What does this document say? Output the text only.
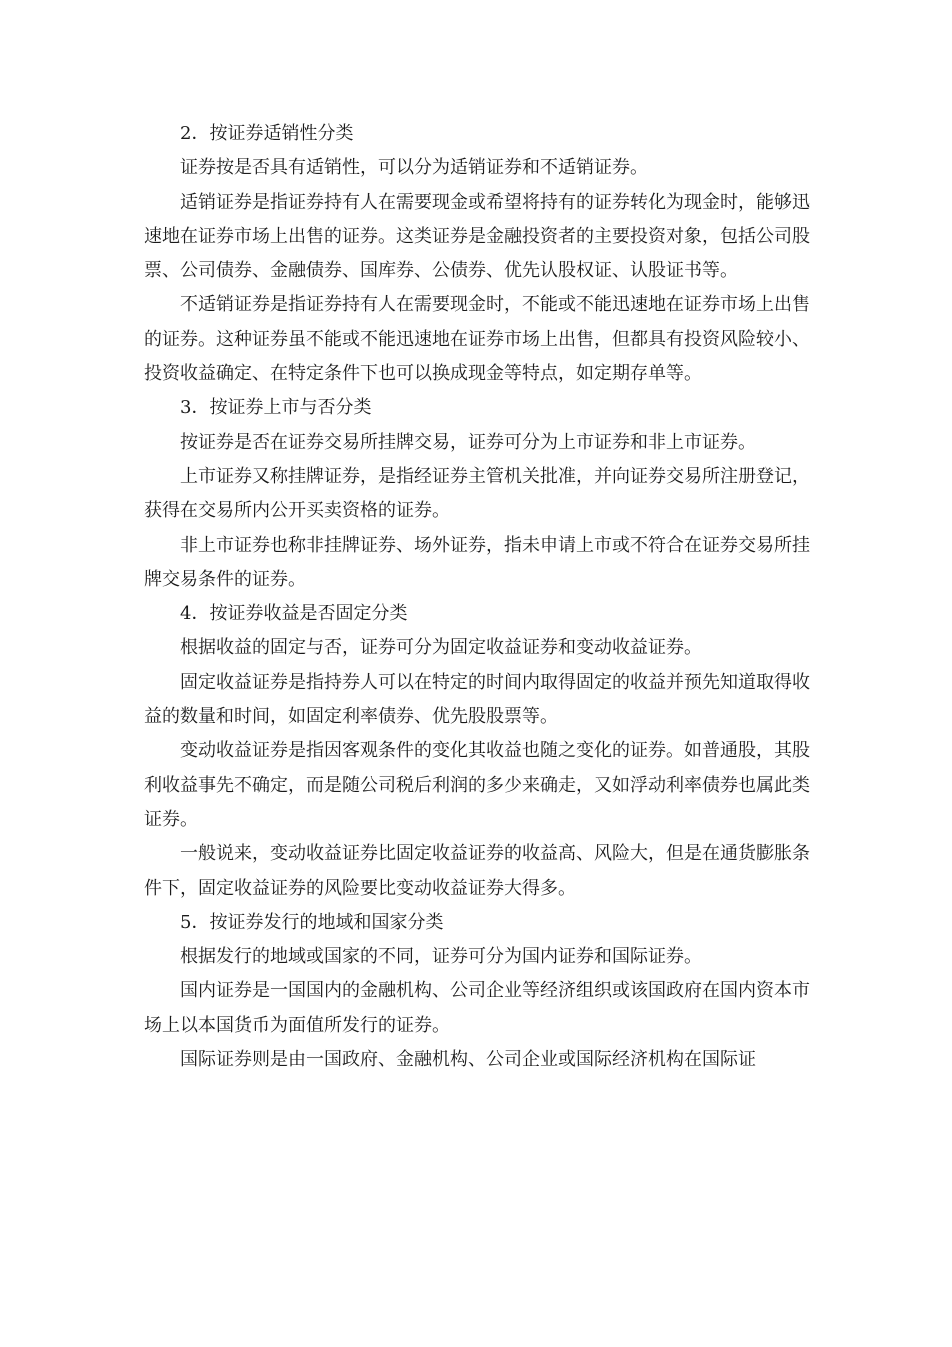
2．按证券适销性分类

证券按是否具有适销性，可以分为适销证券和不适销证券。

适销证券是指证券持有人在需要现金或希望将持有的证券转化为现金时，能够迅速地在证券市场上出售的证券。这类证券是金融投资者的主要投资对象，包括公司股票、公司债券、金融债券、国库券、公债券、优先认股权证、认股证书等。

不适销证券是指证券持有人在需要现金时，不能或不能迅速地在证券市场上出售的证券。这种证券虽不能或不能迅速地在证券市场上出售，但都具有投资风险较小、投资收益确定、在特定条件下也可以换成现金等特点，如定期存单等。

3．按证券上市与否分类

按证券是否在证券交易所挂牌交易，证券可分为上市证券和非上市证券。

上市证券又称挂牌证券，是指经证券主管机关批准，并向证券交易所注册登记，获得在交易所内公开买卖资格的证券。

非上市证券也称非挂牌证券、场外证券，指未申请上市或不符合在证券交易所挂牌交易条件的证券。

4．按证券收益是否固定分类

根据收益的固定与否，证券可分为固定收益证券和变动收益证券。

固定收益证券是指持券人可以在特定的时间内取得固定的收益并预先知道取得收益的数量和时间，如固定利率债券、优先股股票等。

变动收益证券是指因客观条件的变化其收益也随之变化的证券。如普通股，其股利收益事先不确定，而是随公司税后利润的多少来确走，又如浮动利率债券也属此类证券。

一般说来，变动收益证券比固定收益证券的收益高、风险大，但是在通货膨胀条件下，固定收益证券的风险要比变动收益证券大得多。

5．按证券发行的地域和国家分类

根据发行的地域或国家的不同，证券可分为国内证券和国际证券。

国内证券是一国国内的金融机构、公司企业等经济组织或该国政府在国内资本市场上以本国货币为面值所发行的证券。

国际证券则是由一国政府、金融机构、公司企业或国际经济机构在国际证
